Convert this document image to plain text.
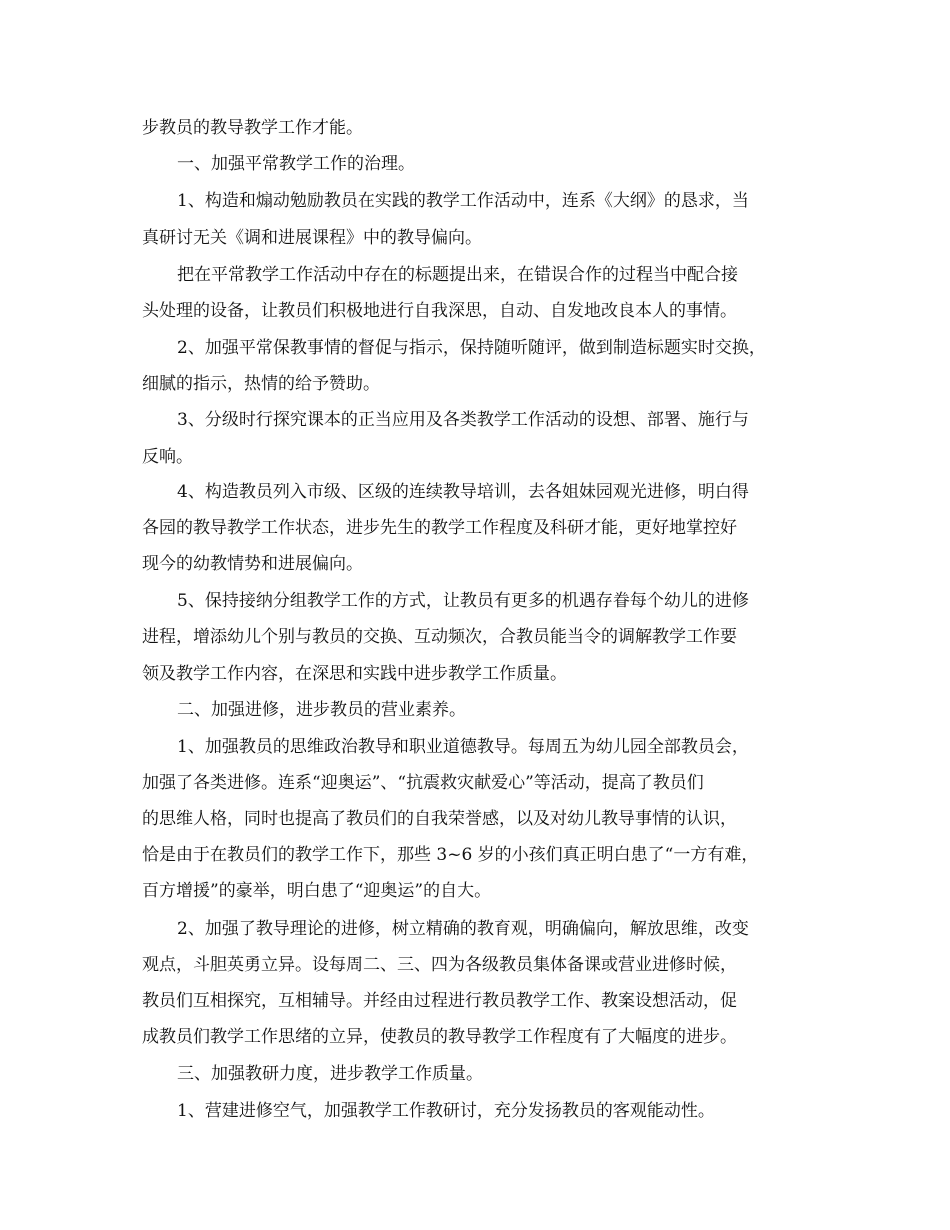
步教员的教导教学工作才能。

一、加强平常教学工作的治理。

1、构造和煽动勉励教员在实践的教学工作活动中，连系《大纲》的恳求，当

真研讨无关《调和进展课程》中的教导偏向。

把在平常教学工作活动中存在的标题提出来，在错误合作的过程当中配合接

头处理的设备，让教员们积极地进行自我深思，自动、自发地改良本人的事情。

2、加强平常保教事情的督促与指示，保持随听随评，做到制造标题实时交换，

细腻的指示，热情的给予赞助。

3、分级时行探究课本的正当应用及各类教学工作活动的设想、部署、施行与

反响。

4、构造教员列入市级、区级的连续教导培训，去各姐妹园观光进修，明白得

各园的教导教学工作状态，进步先生的教学工作程度及科研才能，更好地掌控好

现今的幼教情势和进展偏向。

5、保持接纳分组教学工作的方式，让教员有更多的机遇存眷每个幼儿的进修

进程，增添幼儿个别与教员的交换、互动频次，合教员能当令的调解教学工作要

领及教学工作内容，在深思和实践中进步教学工作质量。

二、加强进修，进步教员的营业素养。

1、加强教员的思维政治教导和职业道德教导。每周五为幼儿园全部教员会，

加强了各类进修。连系“迎奥运”、“抗震救灾献爱心”等活动，提高了教员们

的思维人格，同时也提高了教员们的自我荣誉感，以及对幼儿教导事情的认识，

恰是由于在教员们的教学工作下，那些 3~6 岁的小孩们真正明白患了“一方有难，

百方增援”的豪举，明白患了“迎奥运”的自大。

2、加强了教导理论的进修，树立精确的教育观，明确偏向，解放思维，改变

观点，斗胆英勇立异。设每周二、三、四为各级教员集体备课或营业进修时候，

教员们互相探究，互相辅导。并经由过程进行教员教学工作、教案设想活动，促

成教员们教学工作思绪的立异，使教员的教导教学工作程度有了大幅度的进步。

三、加强教研力度，进步教学工作质量。

1、营建进修空气，加强教学工作教研讨，充分发扬教员的客观能动性。
